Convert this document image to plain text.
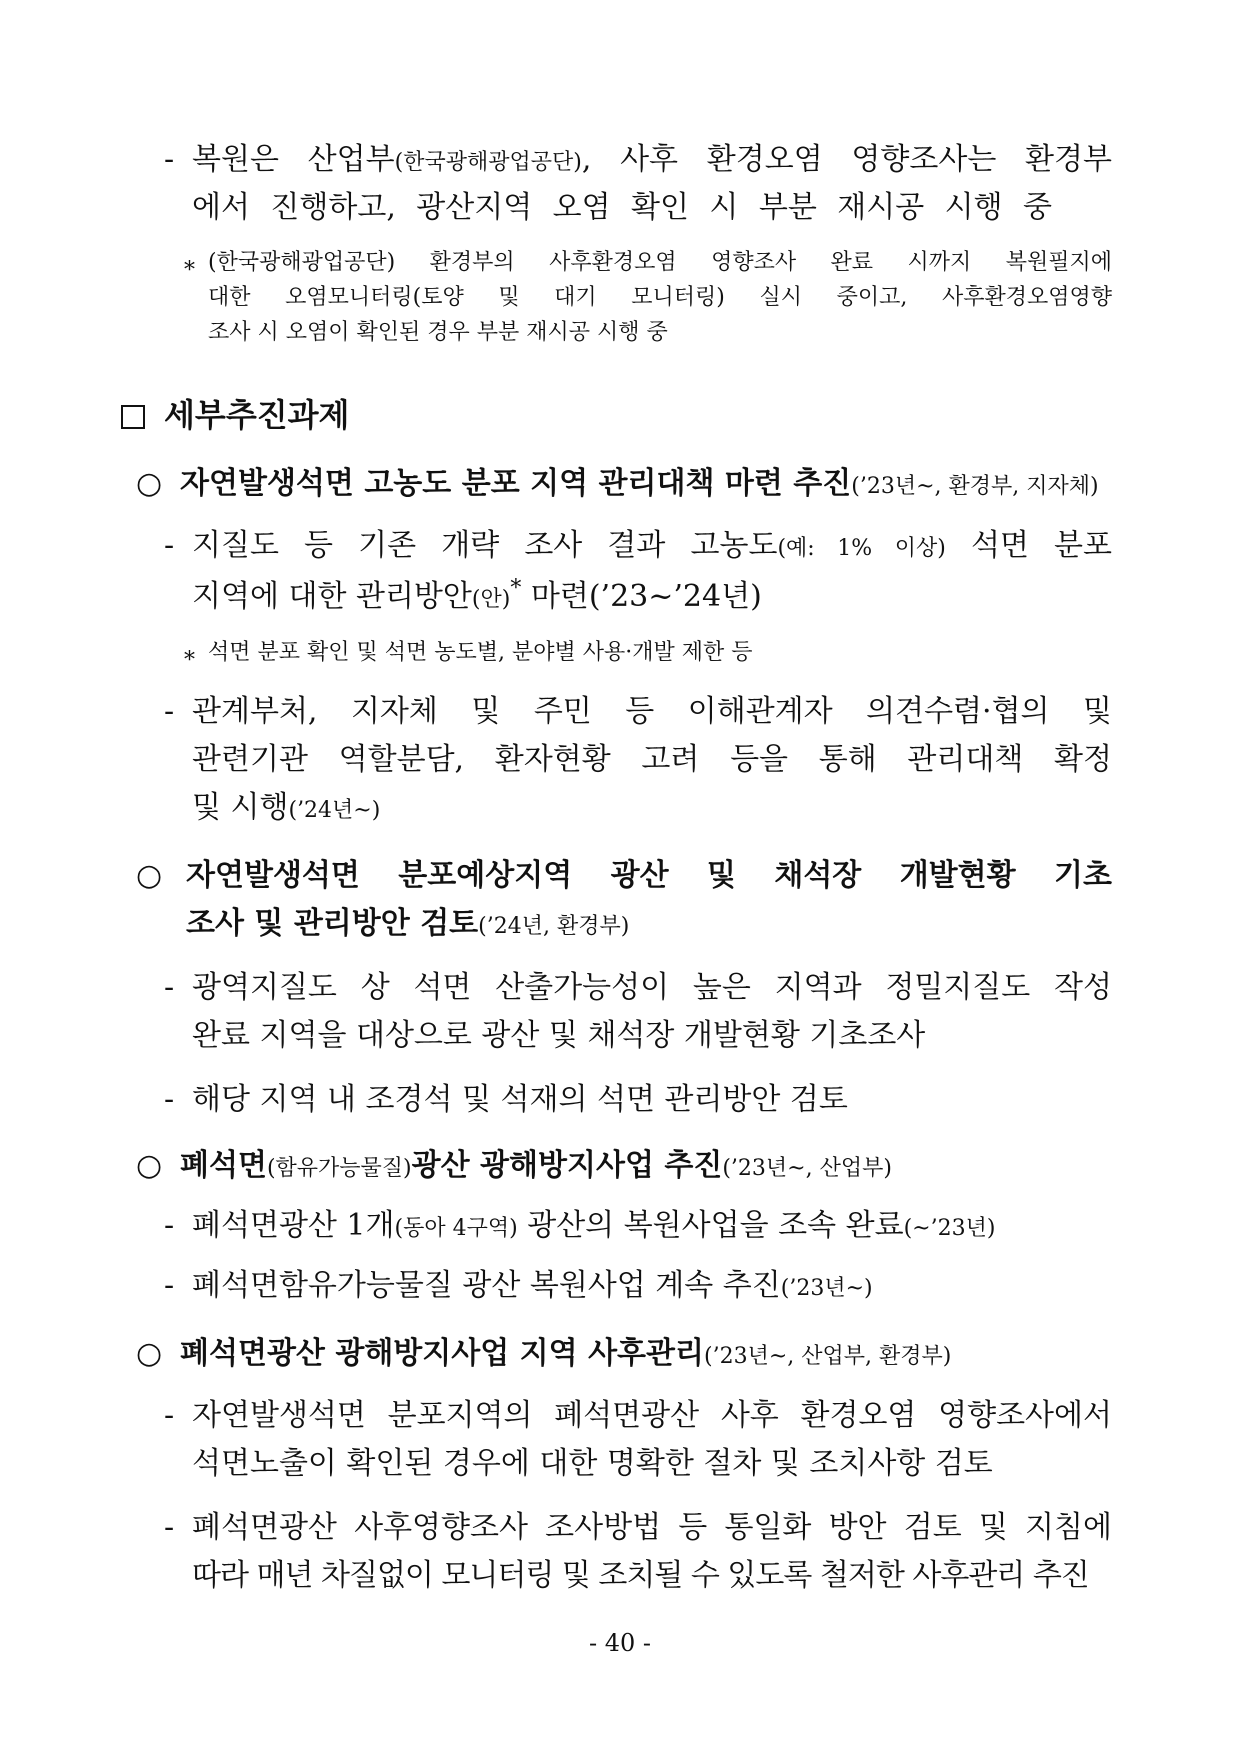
- 복원은 산업부(한국광해광업공단), 사후 환경오염 영향조사는 환경부
에서 진행하고, 광산지역 오염 확인 시 부분 재시공 시행 중
* (한국광해광업공단) 환경부의 사후환경오염 영향조사 완료 시까지 복원필지에
대한 오염모니터링(토양 및 대기 모니터링) 실시 중이고, 사후환경오염영향
조사 시 오염이 확인된 경우 부분 재시공 시행 중
세부추진과제
○ 자연발생석면 고농도 분포 지역 관리대책 마련 추진(’23년~, 환경부, 지자체)
- 지질도 등 기존 개략 조사 결과 고농도(예: 1% 이상) 석면 분포
지역에 대한 관리방안(안)* 마련(’23~’24년)
* 석면 분포 확인 및 석면 농도별, 분야별 사용·개발 제한 등
- 관계부처, 지자체 및 주민 등 이해관계자 의견수렴·협의 및
관련기관 역할분담, 환자현황 고려 등을 통해 관리대책 확정
및 시행(’24년~)
○ 자연발생석면 분포예상지역 광산 및 채석장 개발현황 기초
조사 및 관리방안 검토(’24년, 환경부)
- 광역지질도 상 석면 산출가능성이 높은 지역과 정밀지질도 작성
완료 지역을 대상으로 광산 및 채석장 개발현황 기초조사
- 해당 지역 내 조경석 및 석재의 석면 관리방안 검토
○ 폐석면(함유가능물질)광산 광해방지사업 추진(’23년~, 산업부)
- 폐석면광산 1개(동아 4구역) 광산의 복원사업을 조속 완료(~’23년)
- 폐석면함유가능물질 광산 복원사업 계속 추진(’23년~)
○ 폐석면광산 광해방지사업 지역 사후관리(’23년~, 산업부, 환경부)
- 자연발생석면 분포지역의 폐석면광산 사후 환경오염 영향조사에서
석면노출이 확인된 경우에 대한 명확한 절차 및 조치사항 검토
- 폐석면광산 사후영향조사 조사방법 등 통일화 방안 검토 및 지침에
따라 매년 차질없이 모니터링 및 조치될 수 있도록 철저한 사후관리 추진
- 40 -
